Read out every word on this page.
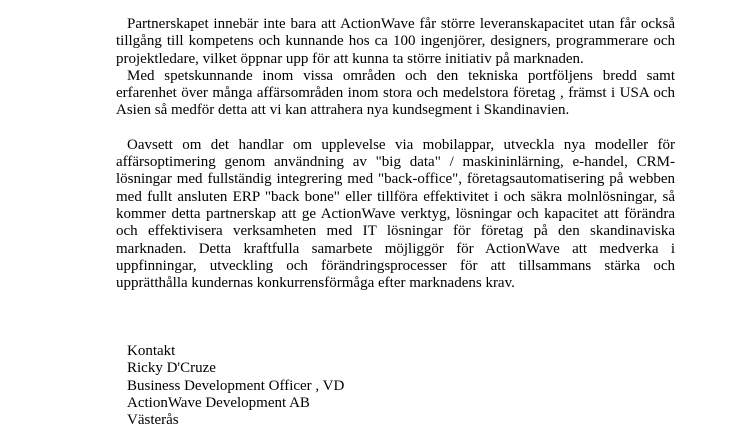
Partnerskapet innebär inte bara att ActionWave får större leveranskapacitet utan får också tillgång till kompetens och kunnande hos ca 100 ingenjörer, designers, programmerare och projektledare, vilket öppnar upp för att kunna ta större initiativ på marknaden.

Med spetskunnande inom vissa områden och den tekniska portföljens bredd samt erfarenhet över många affärsområden inom stora och medelstora företag , främst i USA och Asien så medför detta att vi kan attrahera nya kundsegment i Skandinavien.

Oavsett om det handlar om upplevelse via mobilappar, utveckla nya modeller för affärsoptimering genom användning av "big data" / maskininlärning, e-handel, CRM-lösningar med fullständig integrering med "back-office", företagsautomatisering på webben med fullt ansluten ERP "back bone" eller tillföra effektivitet i och säkra molnlösningar, så kommer detta partnerskap att ge ActionWave verktyg, lösningar och kapacitet att förändra och effektivisera verksamheten med IT lösningar för företag på den skandinaviska marknaden. Detta kraftfulla samarbete möjliggör för ActionWave att medverka i uppfinningar, utveckling och förändringsprocesser för att tillsammans stärka och upprätthålla kundernas konkurrensförmåga efter marknadens krav.

Kontakt
Ricky D'Cruze
Business Development Officer , VD
ActionWave Development AB
Västerås
